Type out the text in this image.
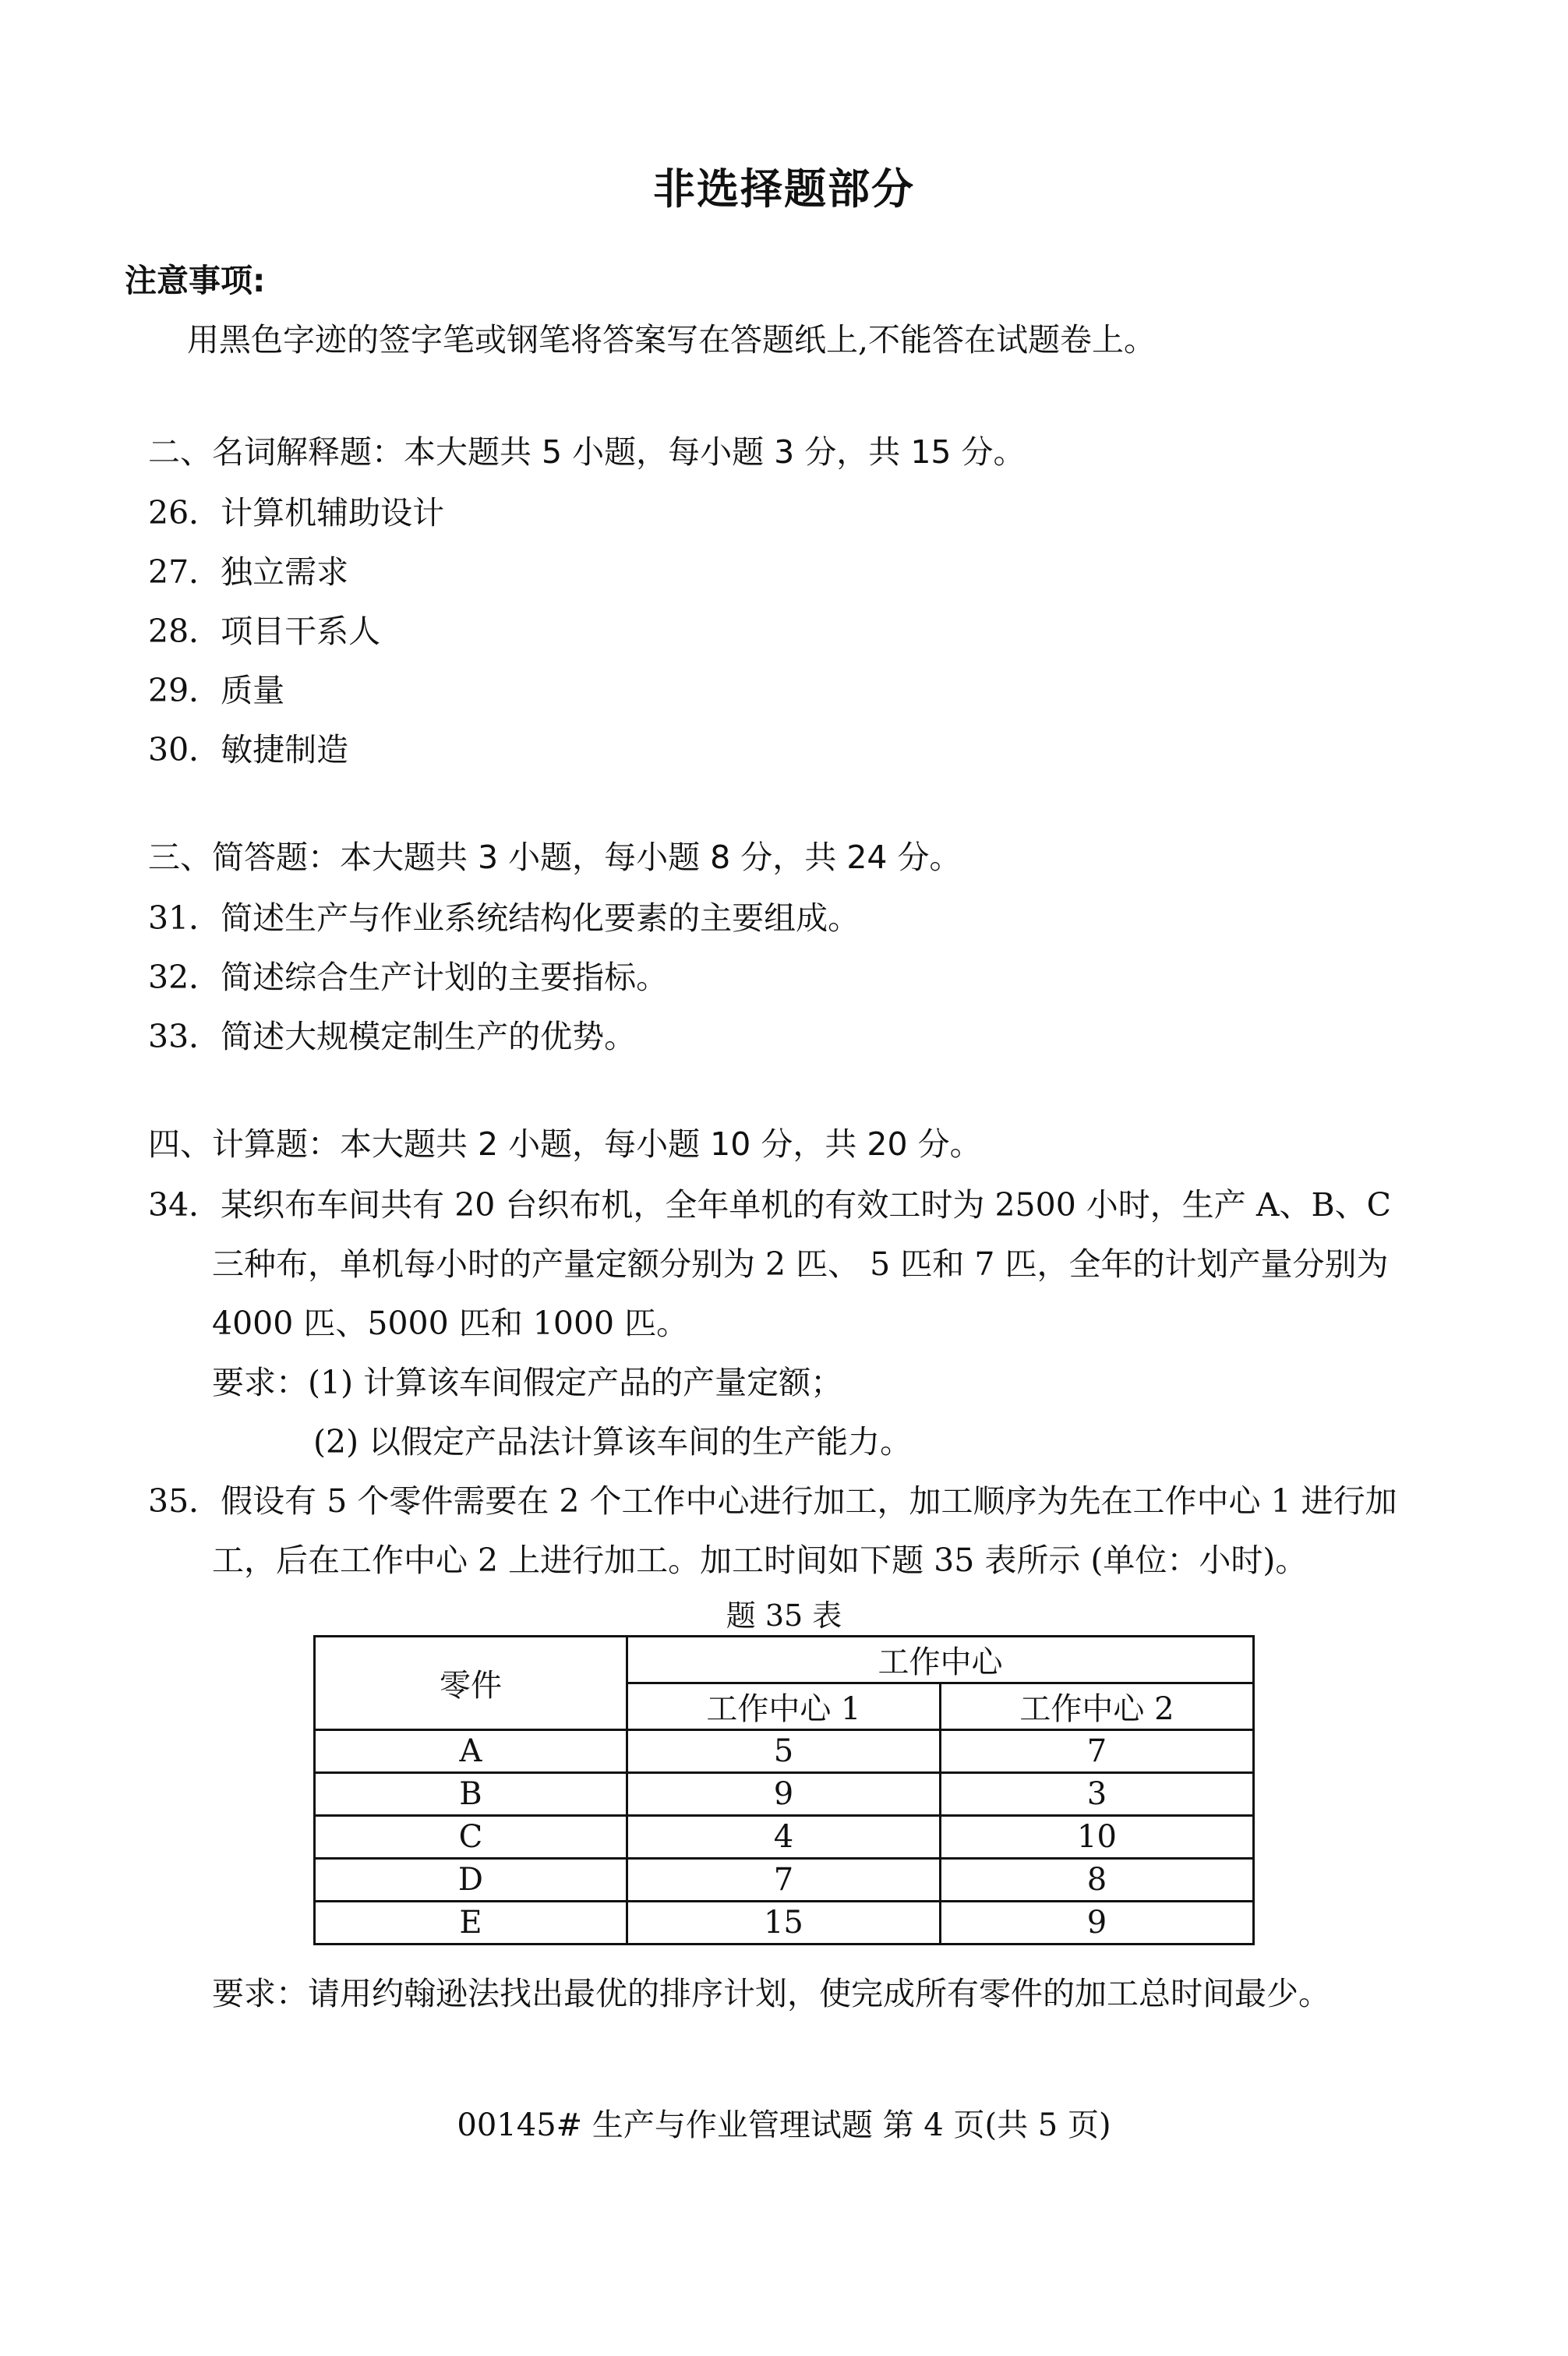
非选择题部分
注意事项:
用黑色字迹的签字笔或钢笔将答案写在答题纸上,不能答在试题卷上。
二、名词解释题：本大题共 5 小题，每小题 3 分，共 15 分。
26．计算机辅助设计
27．独立需求
28．项目干系人
29．质量
30．敏捷制造
三、简答题：本大题共 3 小题，每小题 8 分，共 24 分。
31．简述生产与作业系统结构化要素的主要组成。
32．简述综合生产计划的主要指标。
33．简述大规模定制生产的优势。
四、计算题：本大题共 2 小题，每小题 10 分，共 20 分。
34．某织布车间共有 20 台织布机，全年单机的有效工时为 2500 小时，生产 A、B、C
三种布，单机每小时的产量定额分别为 2 匹、 5 匹和 7 匹，全年的计划产量分别为
4000 匹、5000 匹和 1000 匹。
要求：(1) 计算该车间假定产品的产量定额；
(2) 以假定产品法计算该车间的生产能力。
35．假设有 5 个零件需要在 2 个工作中心进行加工，加工顺序为先在工作中心 1 进行加
工，后在工作中心 2 上进行加工。加工时间如下题 35 表所示 (单位：小时)。
题 35 表
零件	工作中心	
	工作中心 1	工作中心 2
A	5	7
B	9	3
C	4	10
D	7	8
E	15	9
要求：请用约翰逊法找出最优的排序计划，使完成所有零件的加工总时间最少。
00145# 生产与作业管理试题 第 4 页(共 5 页)
